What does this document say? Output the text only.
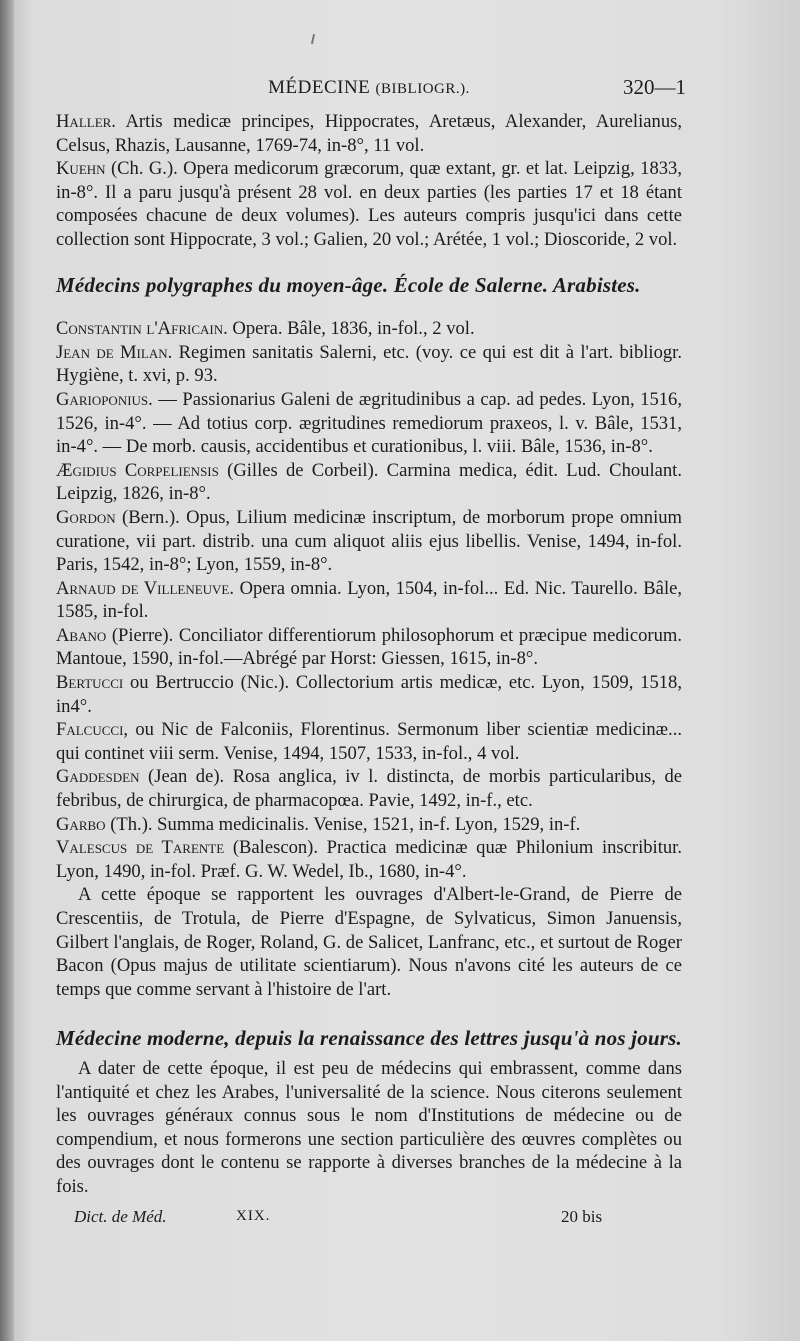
MÉDECINE (BIBLIOGR.).	320—1

Haller. Artis medicæ principes, Hippocrates, Aretæus, Alexander, Aurelianus, Celsus, Rhazis, Lausanne, 1769-74, in-8°, 11 vol.

Kuehn (Ch. G.). Opera medicorum græcorum, quæ extant, gr. et lat. Leipzig, 1833, in-8°. Il a paru jusqu'à présent 28 vol. en deux parties (les parties 17 et 18 étant composées chacune de deux volumes). Les auteurs compris jusqu'ici dans cette collection sont Hippocrate, 3 vol.; Galien, 20 vol.; Arétée, 1 vol.; Dioscoride, 2 vol.

Médecins polygraphes du moyen-âge. École de Salerne. Arabistes.

Constantin l'Africain. Opera. Bâle, 1836, in-fol., 2 vol.

Jean de Milan. Regimen sanitatis Salerni, etc. (voy. ce qui est dit à l'art. bibliogr. Hygiène, t. xvi, p. 93.

Garioponius. — Passionarius Galeni de ægritudinibus a cap. ad pedes. Lyon, 1516, 1526, in-4°. — Ad totius corp. ægritudines remediorum praxeos, l. v. Bâle, 1531, in-4°. — De morb. causis, accidentibus et curationibus, l. viii. Bâle, 1536, in-8°.

Ægidius Corpeliensis (Gilles de Corbeil). Carmina medica, édit. Lud. Choulant. Leipzig, 1826, in-8°.

Gordon (Bern.). Opus, Lilium medicinæ inscriptum, de morborum prope omnium curatione, vii part. distrib. una cum aliquot aliis ejus libellis. Venise, 1494, in-fol. Paris, 1542, in-8°; Lyon, 1559, in-8°.

Arnaud de Villeneuve. Opera omnia. Lyon, 1504, in-fol... Ed. Nic. Taurello. Bâle, 1585, in-fol.

Abano (Pierre). Conciliator differentiorum philosophorum et præcipue medicorum. Mantoue, 1590, in-fol.—Abrégé par Horst: Giessen, 1615, in-8°.

Bertucci ou Bertruccio (Nic.). Collectorium artis medicæ, etc. Lyon, 1509, 1518, in4°.

Falcucci, ou Nic de Falconiis, Florentinus. Sermonum liber scientiæ medicinæ... qui continet viii serm. Venise, 1494, 1507, 1533, in-fol., 4 vol.

Gaddesden (Jean de). Rosa anglica, iv l. distincta, de morbis particularibus, de febribus, de chirurgica, de pharmacopœa. Pavie, 1492, in-f., etc.

Garbo (Th.). Summa medicinalis. Venise, 1521, in-f. Lyon, 1529, in-f.

Valescus de Tarente (Balescon). Practica medicinæ quæ Philonium inscribitur. Lyon, 1490, in-fol. Præf. G. W. Wedel, Ib., 1680, in-4°.

A cette époque se rapportent les ouvrages d'Albert-le-Grand, de Pierre de Crescentiis, de Trotula, de Pierre d'Espagne, de Sylvaticus, Simon Januensis, Gilbert l'anglais, de Roger, Roland, G. de Salicet, Lanfranc, etc., et surtout de Roger Bacon (Opus majus de utilitate scientiarum). Nous n'avons cité les auteurs de ce temps que comme servant à l'histoire de l'art.

Médecine moderne, depuis la renaissance des lettres jusqu'à nos jours.

A dater de cette époque, il est peu de médecins qui embrassent, comme dans l'antiquité et chez les Arabes, l'universalité de la science. Nous citerons seulement les ouvrages généraux connus sous le nom d'Institutions de médecine ou de compendium, et nous formerons une section particulière des œuvres complètes ou des ouvrages dont le contenu se rapporte à diverses branches de la médecine à la fois.

Dict. de Méd.	XIX.	20 bis
